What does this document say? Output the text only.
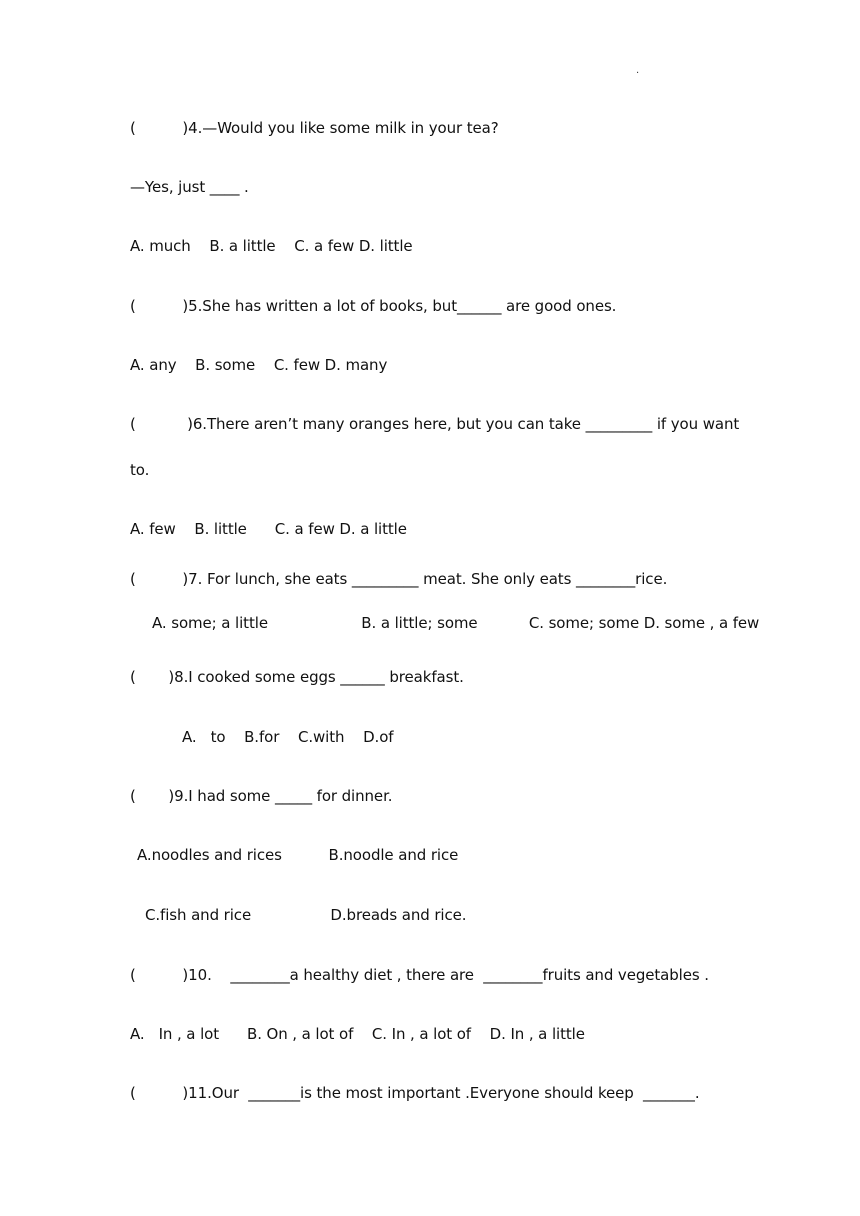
.
(          )4.—Would you like some milk in your tea?
—Yes, just ____ .
A. much    B. a little    C. a few D. little
(          )5.She has written a lot of books, but______ are good ones.
A. any    B. some    C. few D. many
(           )6.There aren’t many oranges here, but you can take _________ if you want
to.
A. few    B. little      C. a few D. a little
(          )7. For lunch, she eats _________ meat. She only eats ________rice.
A. some; a little                    B. a little; some           C. some; some D. some , a few
(       )8.I cooked some eggs ______ breakfast.
A.   to    B.for    C.with    D.of
(       )9.I had some _____ for dinner.
A.noodles and rices          B.noodle and rice
C.fish and rice                 D.breads and rice.
(          )10.    ________a healthy diet , there are  ________fruits and vegetables .
A.   In , a lot      B. On , a lot of    C. In , a lot of    D. In , a little
(          )11.Our  _______is the most important .Everyone should keep  _______.
